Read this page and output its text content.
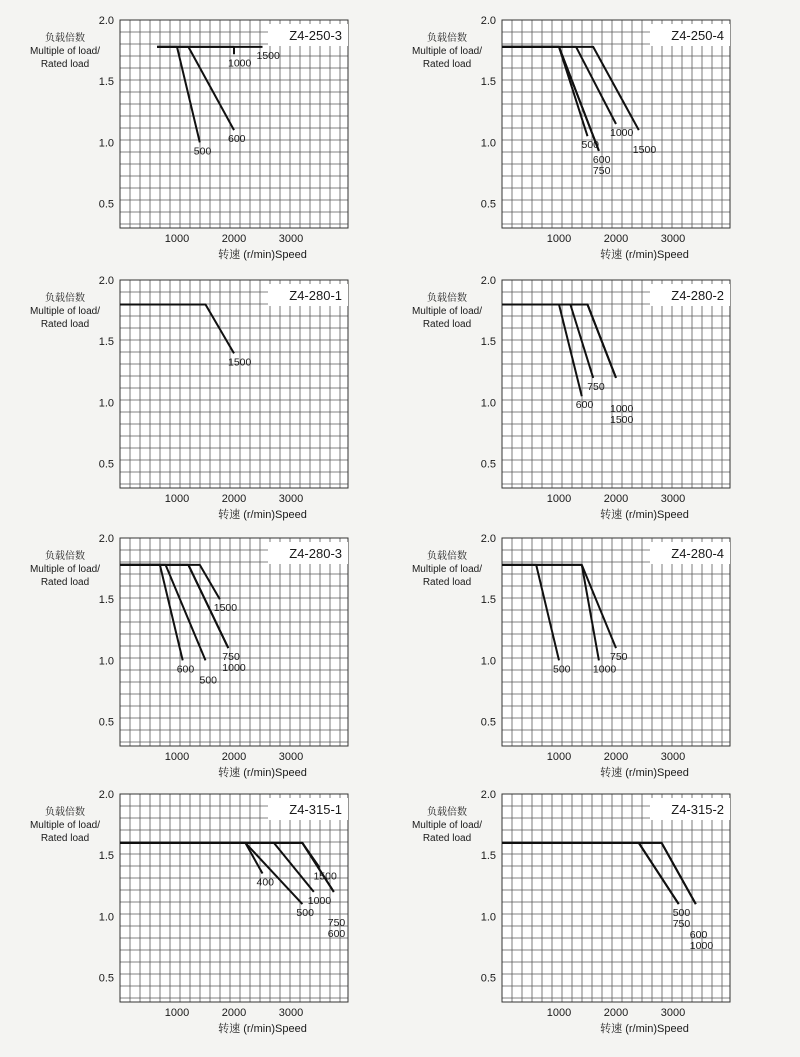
负载倍数
Multiple of load/
Rated load
Z4-250-3
2.0
1.5
1.0
0.5
1000	2000	3000
转速 (r/min)Speed
500
600
1000
1500
负载倍数
Multiple of load/
Rated load
Z4-250-4
2.0
1.5
1.0
0.5
1000	2000	3000
转速 (r/min)Speed
500
600
750
1000
1500
负载倍数
Multiple of load/
Rated load
Z4-280-1
2.0
1.5
1.0
0.5
1000	2000	3000
转速 (r/min)Speed
1500
负载倍数
Multiple of load/
Rated load
Z4-280-2
2.0
1.5
1.0
0.5
1000	2000	3000
转速 (r/min)Speed
600
750
1000
1500
负载倍数
Multiple of load/
Rated load
Z4-280-3
2.0
1.5
1.0
0.5
1000	2000	3000
转速 (r/min)Speed
600
500
750
1000
1500
负载倍数
Multiple of load/
Rated load
Z4-280-4
2.0
1.5
1.0
0.5
1000	2000	3000
转速 (r/min)Speed
500 1000
750
负载倍数
Multiple of load/
Rated load
Z4-315-1
2.0
1.5
1.0
0.5
1000	2000	3000
转速 (r/min)Speed
400
500
1000
750
600
1500
负载倍数
Multiple of load/
Rated load
Z4-315-2
2.0
1.5
1.0
0.5
1000	2000	3000
转速 (r/min)Speed
500
750
600
1000
